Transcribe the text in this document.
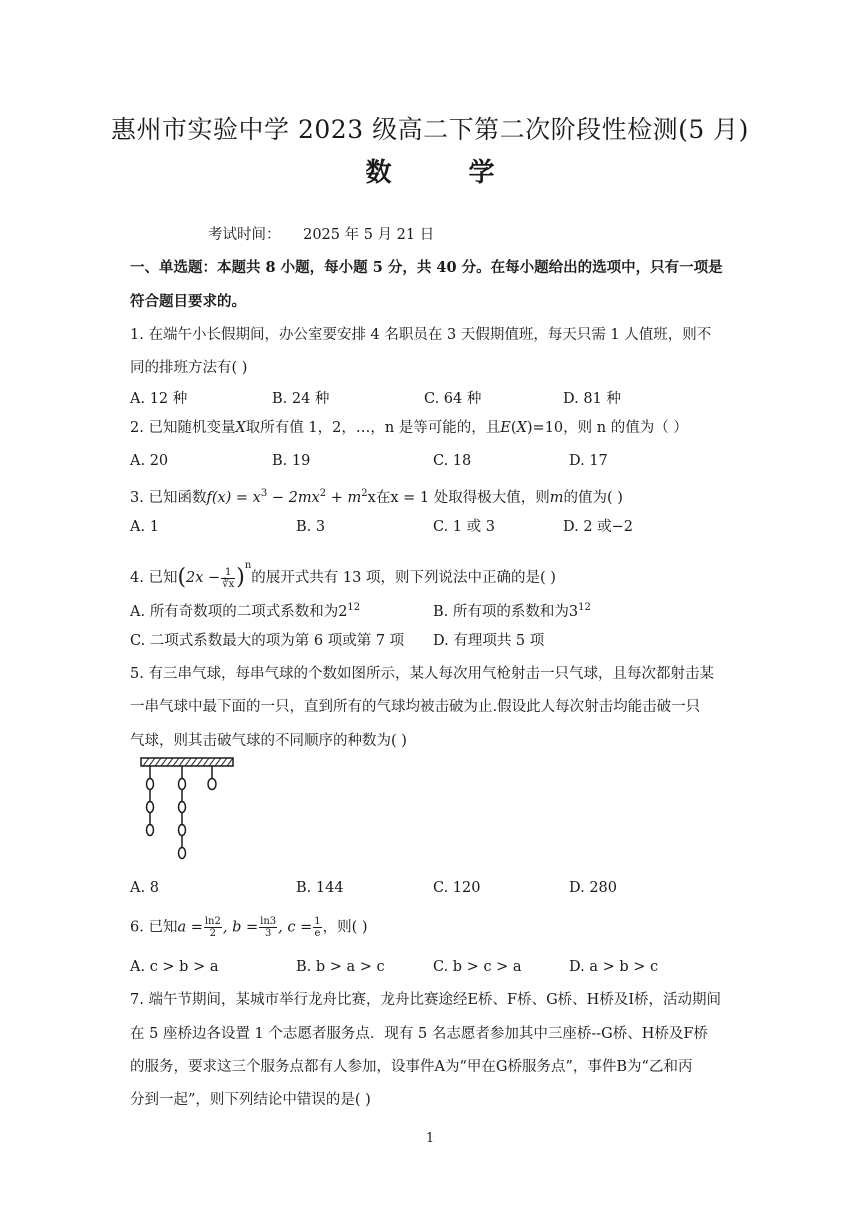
惠州市实验中学 2023 级高二下第二次阶段性检测(5 月)
数 学
考试时间： 2025 年 5 月 21 日
一、单选题：本题共 8 小题，每小题 5 分，共 40 分。在每小题给出的选项中，只有一项是
符合题目要求的。
1. 在端午小长假期间，办公室要安排 4 名职员在 3 天假期值班，每天只需 1 人值班，则不
同的排班方法有( )
A. 12 种	B. 24 种	C. 64 种	D. 81 种
2. 已知随机变量X取所有值 1，2，…，n 是等可能的，且E(X)=10，则 n 的值为（ ）
A. 20	B. 19	C. 18	D. 17
3. 已知函数$f(x) = x^3 - 2mx^2 + m^2x$在x = 1 处取得极大值，则m的值为( )
A. 1	B. 3	C. 1 或 3	D. 2 或−2
4. 已知$(2x - \frac{1}{∛x} )^n$的展开式共有 13 项，则下列说法中正确的是( )
A. 所有奇数项的二项式系数和为$2^{12}$	B. 所有项的系数和为$3^{12}$
C. 二项式系数最大的项为第 6 项或第 7 项 D. 有理项共 5 项
5. 有三串气球，每串气球的个数如图所示，某人每次用气枪射击一只气球，且每次都射击某
一串气球中最下面的一只，直到所有的气球均被击破为止.假设此人每次射击均能击破一只
气球，则其击破气球的不同顺序的种数为( )
A. 8	B. 144	C. 120	D. 280
6. 已知$a = \frac{\ln 2}{2}$ , $b = \frac{\ln 3}{3}$ , $c = \frac{1}{e}$ ，则( )
A. c > b > a	B. b > a > c	C. b > c > a	D. a > b > c
7. 端午节期间，某城市举行龙舟比赛，龙舟比赛途经E桥、F桥、G桥、H桥及I桥，活动期间
在 5 座桥边各设置 1 个志愿者服务点．现有 5 名志愿者参加其中三座桥--G桥、H桥及F桥
的服务，要求这三个服务点都有人参加，设事件A为“甲在G桥服务点”，事件B为“乙和丙
分到一起”，则下列结论中错误的是( )
1
